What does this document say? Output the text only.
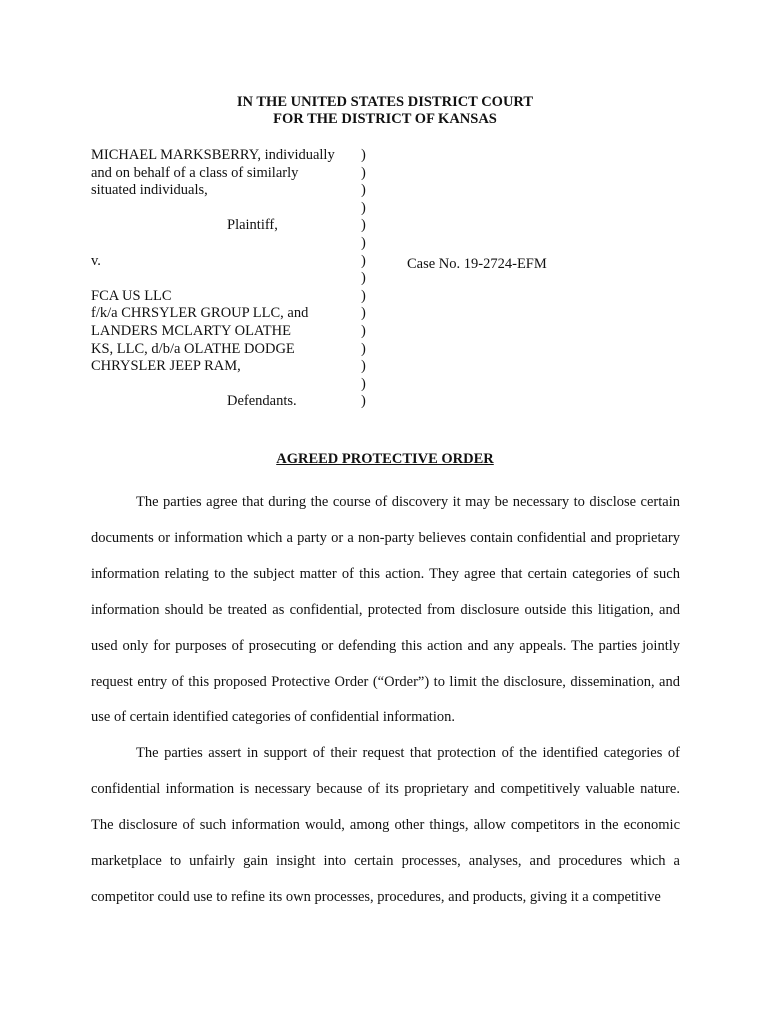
IN THE UNITED STATES DISTRICT COURT
FOR THE DISTRICT OF KANSAS
MICHAEL MARKSBERRY, individually
and on behalf of a class of similarly
situated individuals,
Plaintiff,
v.
FCA US LLC
f/k/a CHRSYLER GROUP LLC, and
LANDERS MCLARTY OLATHE
KS, LLC, d/b/a OLATHE DODGE
CHRYSLER JEEP RAM,
Defendants.
)
)
)
)
)
)
)
)
)
)
)
)
)
)
)
Case No. 19-2724-EFM
AGREED PROTECTIVE ORDER

The parties agree that during the course of discovery it may be necessary to disclose certain documents or information which a party or a non-party believes contain confidential and proprietary information relating to the subject matter of this action. They agree that certain categories of such information should be treated as confidential, protected from disclosure outside this litigation, and used only for purposes of prosecuting or defending this action and any appeals. The parties jointly request entry of this proposed Protective Order (“Order”) to limit the disclosure, dissemination, and use of certain identified categories of confidential information.

The parties assert in support of their request that protection of the identified categories of confidential information is necessary because of its proprietary and competitively valuable nature. The disclosure of such information would, among other things, allow competitors in the economic marketplace to unfairly gain insight into certain processes, analyses, and procedures which a competitor could use to refine its own processes, procedures, and products, giving it a competitive
